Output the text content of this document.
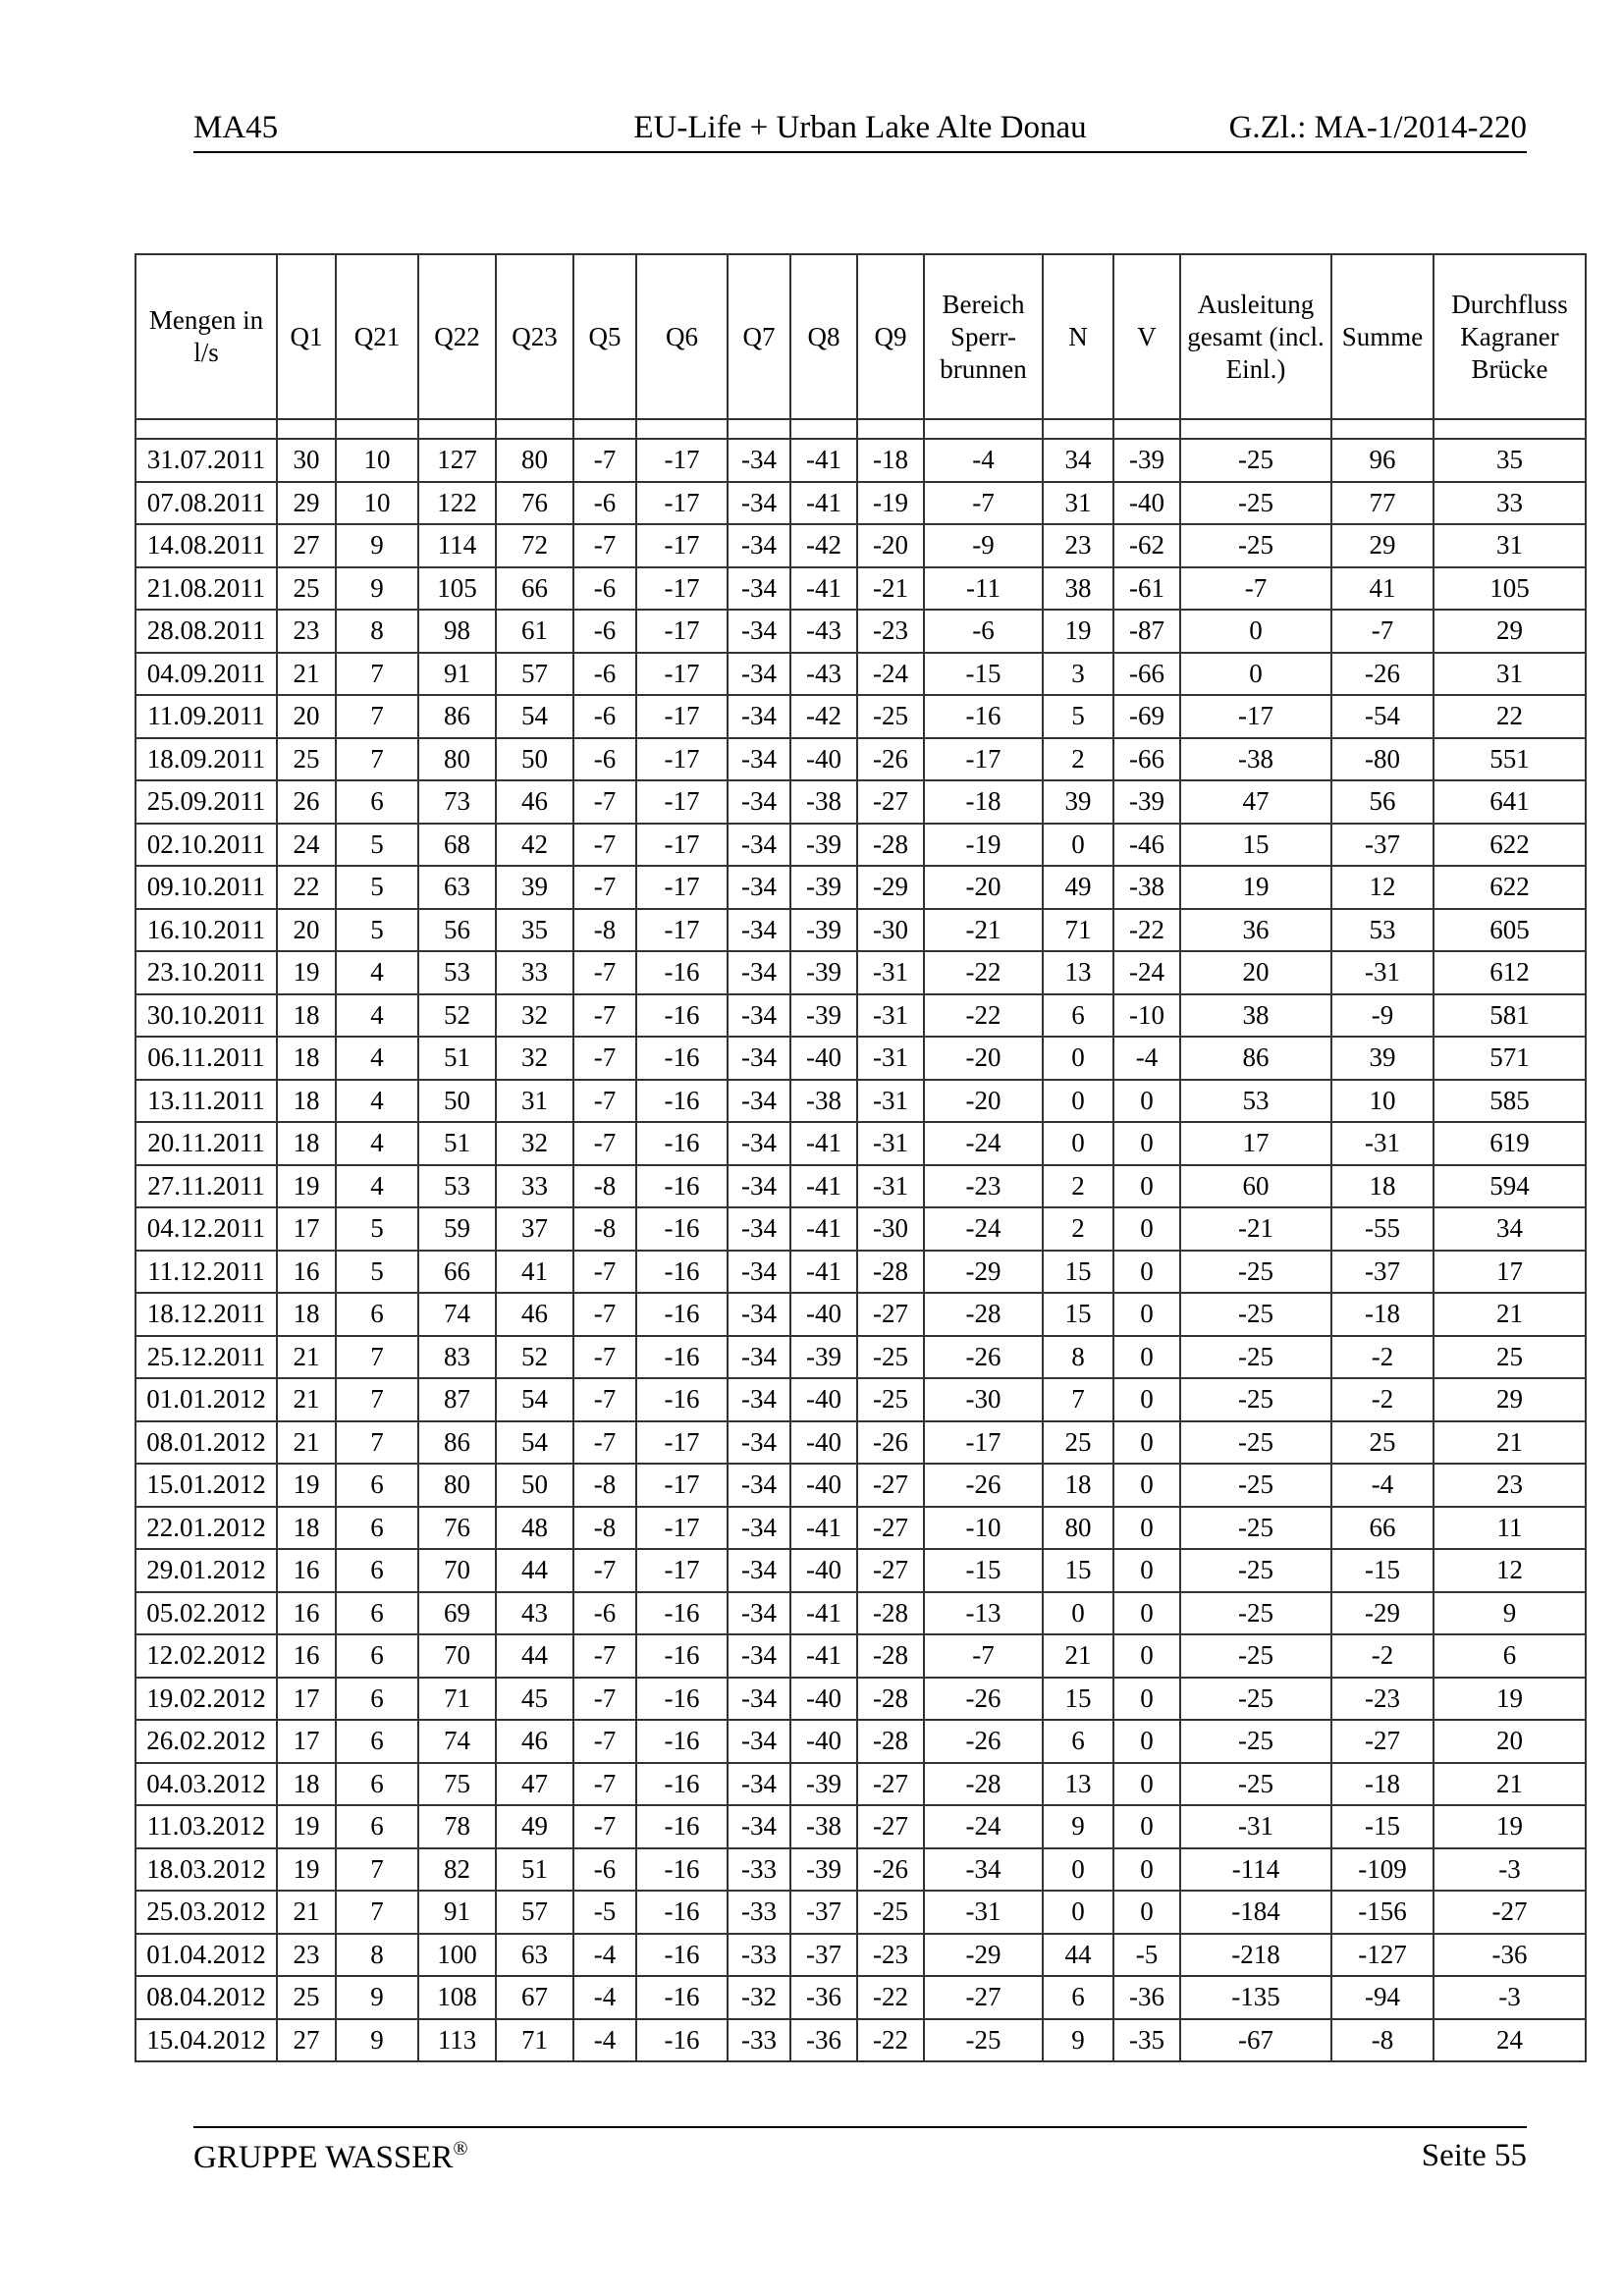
MA45	EU-Life + Urban Lake Alte Donau	G.Zl.: MA-1/2014-220
Mengen in l/s	Q1	Q21	Q22	Q23	Q5	Q6	Q7	Q8	Q9	Bereich Sperr-brunnen	N	V	Ausleitung gesamt (incl. Einl.)	Summe	Durchfluss Kagraner Brücke

31.07.2011	30	10	127	80	-7	-17	-34	-41	-18	-4	34	-39	-25	96	35
07.08.2011	29	10	122	76	-6	-17	-34	-41	-19	-7	31	-40	-25	77	33
14.08.2011	27	9	114	72	-7	-17	-34	-42	-20	-9	23	-62	-25	29	31
21.08.2011	25	9	105	66	-6	-17	-34	-41	-21	-11	38	-61	-7	41	105
28.08.2011	23	8	98	61	-6	-17	-34	-43	-23	-6	19	-87	0	-7	29
04.09.2011	21	7	91	57	-6	-17	-34	-43	-24	-15	3	-66	0	-26	31
11.09.2011	20	7	86	54	-6	-17	-34	-42	-25	-16	5	-69	-17	-54	22
18.09.2011	25	7	80	50	-6	-17	-34	-40	-26	-17	2	-66	-38	-80	551
25.09.2011	26	6	73	46	-7	-17	-34	-38	-27	-18	39	-39	47	56	641
02.10.2011	24	5	68	42	-7	-17	-34	-39	-28	-19	0	-46	15	-37	622
09.10.2011	22	5	63	39	-7	-17	-34	-39	-29	-20	49	-38	19	12	622
16.10.2011	20	5	56	35	-8	-17	-34	-39	-30	-21	71	-22	36	53	605
23.10.2011	19	4	53	33	-7	-16	-34	-39	-31	-22	13	-24	20	-31	612
30.10.2011	18	4	52	32	-7	-16	-34	-39	-31	-22	6	-10	38	-9	581
06.11.2011	18	4	51	32	-7	-16	-34	-40	-31	-20	0	-4	86	39	571
13.11.2011	18	4	50	31	-7	-16	-34	-38	-31	-20	0	0	53	10	585
20.11.2011	18	4	51	32	-7	-16	-34	-41	-31	-24	0	0	17	-31	619
27.11.2011	19	4	53	33	-8	-16	-34	-41	-31	-23	2	0	60	18	594
04.12.2011	17	5	59	37	-8	-16	-34	-41	-30	-24	2	0	-21	-55	34
11.12.2011	16	5	66	41	-7	-16	-34	-41	-28	-29	15	0	-25	-37	17
18.12.2011	18	6	74	46	-7	-16	-34	-40	-27	-28	15	0	-25	-18	21
25.12.2011	21	7	83	52	-7	-16	-34	-39	-25	-26	8	0	-25	-2	25
01.01.2012	21	7	87	54	-7	-16	-34	-40	-25	-30	7	0	-25	-2	29
08.01.2012	21	7	86	54	-7	-17	-34	-40	-26	-17	25	0	-25	25	21
15.01.2012	19	6	80	50	-8	-17	-34	-40	-27	-26	18	0	-25	-4	23
22.01.2012	18	6	76	48	-8	-17	-34	-41	-27	-10	80	0	-25	66	11
29.01.2012	16	6	70	44	-7	-17	-34	-40	-27	-15	15	0	-25	-15	12
05.02.2012	16	6	69	43	-6	-16	-34	-41	-28	-13	0	0	-25	-29	9
12.02.2012	16	6	70	44	-7	-16	-34	-41	-28	-7	21	0	-25	-2	6
19.02.2012	17	6	71	45	-7	-16	-34	-40	-28	-26	15	0	-25	-23	19
26.02.2012	17	6	74	46	-7	-16	-34	-40	-28	-26	6	0	-25	-27	20
04.03.2012	18	6	75	47	-7	-16	-34	-39	-27	-28	13	0	-25	-18	21
11.03.2012	19	6	78	49	-7	-16	-34	-38	-27	-24	9	0	-31	-15	19
18.03.2012	19	7	82	51	-6	-16	-33	-39	-26	-34	0	0	-114	-109	-3
25.03.2012	21	7	91	57	-5	-16	-33	-37	-25	-31	0	0	-184	-156	-27
01.04.2012	23	8	100	63	-4	-16	-33	-37	-23	-29	44	-5	-218	-127	-36
08.04.2012	25	9	108	67	-4	-16	-32	-36	-22	-27	6	-36	-135	-94	-3
15.04.2012	27	9	113	71	-4	-16	-33	-36	-22	-25	9	-35	-67	-8	24
GRUPPE WASSER®	Seite 55
